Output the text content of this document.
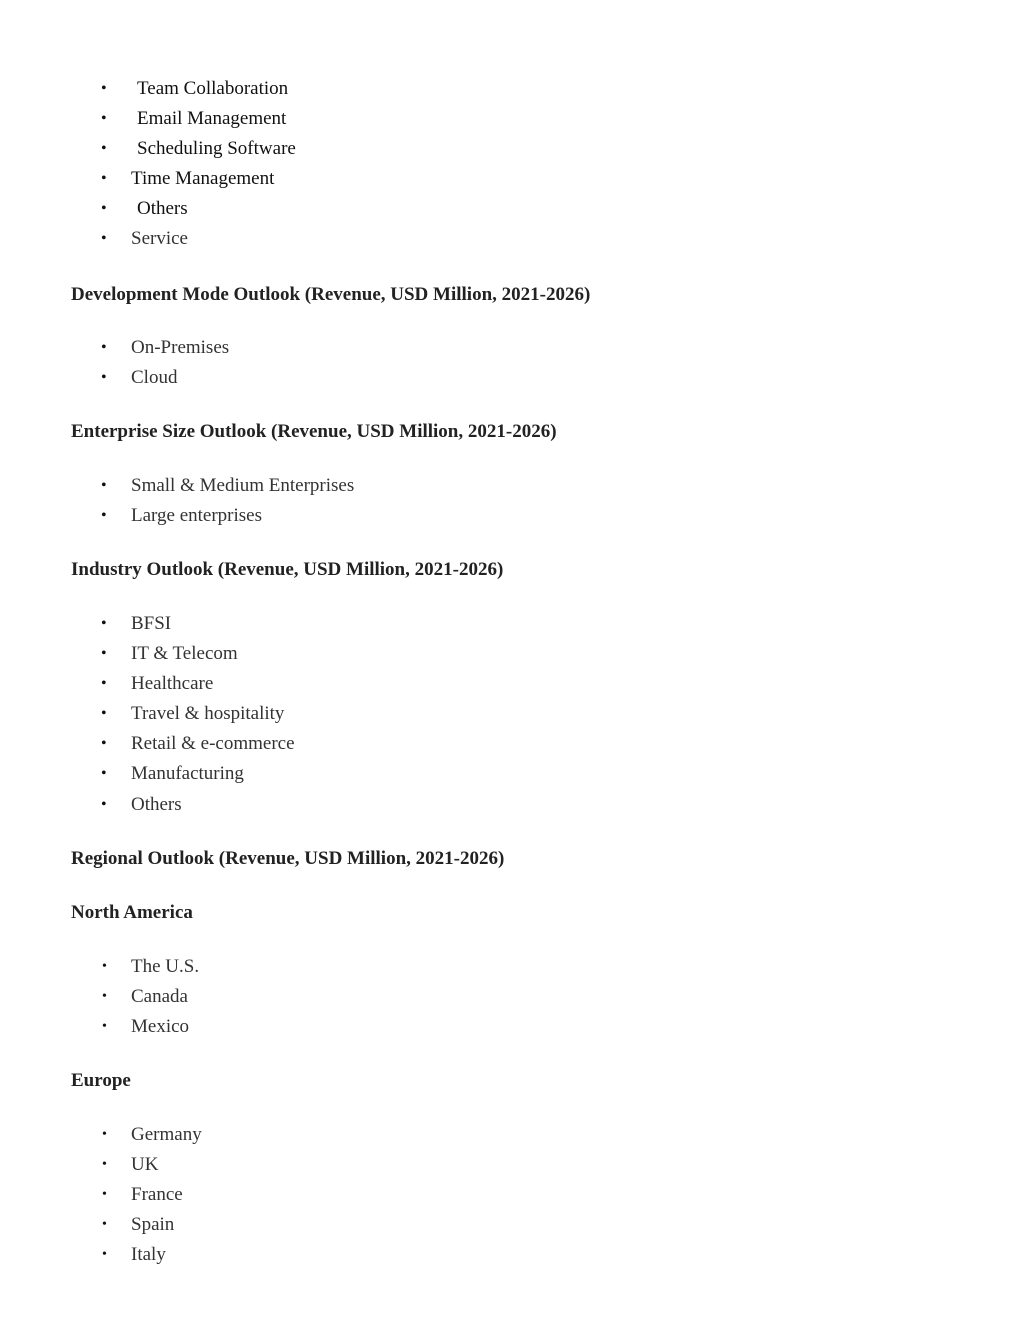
• Team Collaboration
• Email Management
• Scheduling Software
• Time Management
• Others
• Service
Development Mode Outlook (Revenue, USD Million, 2021-2026)
• On-Premises
• Cloud
Enterprise Size Outlook (Revenue, USD Million, 2021-2026)
• Small & Medium Enterprises
• Large enterprises
Industry Outlook (Revenue, USD Million, 2021-2026)
• BFSI
• IT & Telecom
• Healthcare
• Travel & hospitality
• Retail & e-commerce
• Manufacturing
• Others
Regional Outlook (Revenue, USD Million, 2021-2026)
North America
• The U.S.
• Canada
• Mexico
Europe
• Germany
• UK
• France
• Spain
• Italy
